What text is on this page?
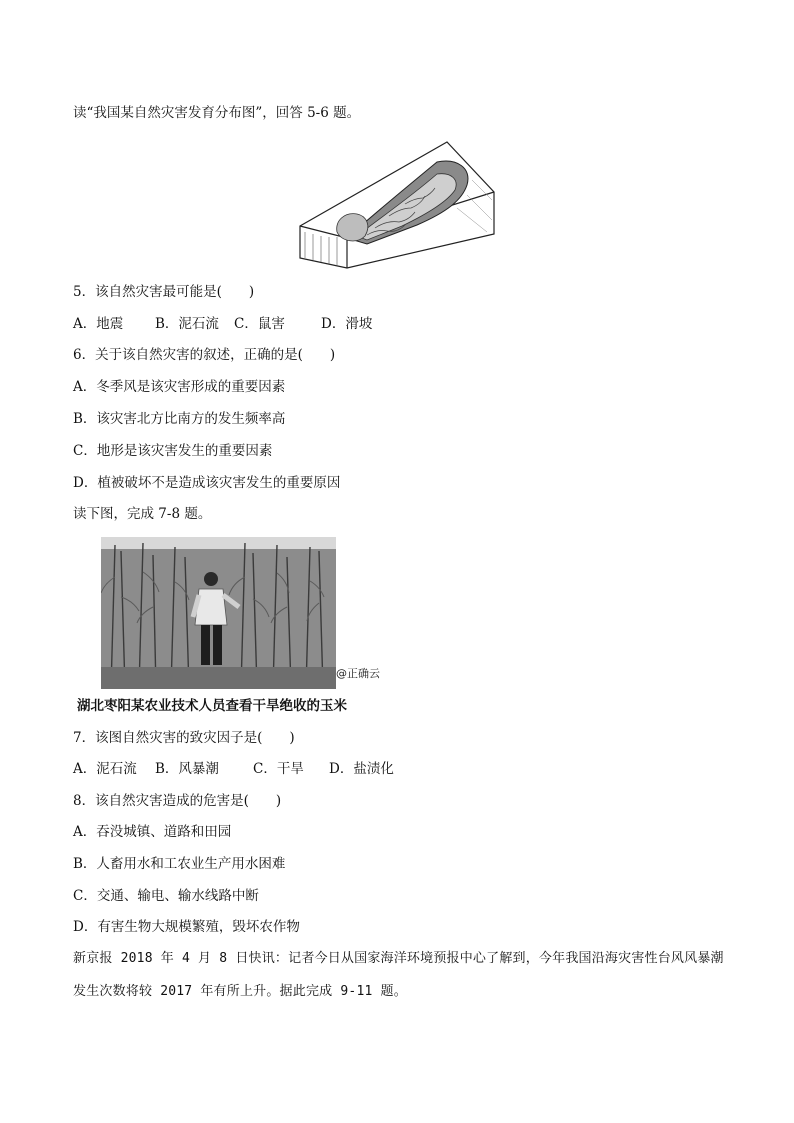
读“我国某自然灾害发育分布图”，回答 5-6 题。
5．该自然灾害最可能是(　　)
A．地震 B．泥石流 C．鼠害	D．滑坡
6．关于该自然灾害的叙述，正确的是(　　)
A．冬季风是该灾害形成的重要因素
B．该灾害北方比南方的发生频率高
C．地形是该灾害发生的重要因素
D．植被破坏不是造成该灾害发生的重要原因
读下图，完成 7-8 题。
@正确云
湖北枣阳某农业技术人员查看干旱绝收的玉米
7．该图自然灾害的致灾因子是(　　)
A．泥石流 B．风暴潮	C．干旱 D．盐渍化
8．该自然灾害造成的危害是(　　)
A．吞没城镇、道路和田园
B．人畜用水和工农业生产用水困难
C．交通、输电、输水线路中断
D．有害生物大规模繁殖，毁坏农作物
新京报 2018 年 4 月 8 日快讯：记者今日从国家海洋环境预报中心了解到，今年我国沿海灾害性台风风暴潮
发生次数将较 2017 年有所上升。据此完成 9-11 题。
